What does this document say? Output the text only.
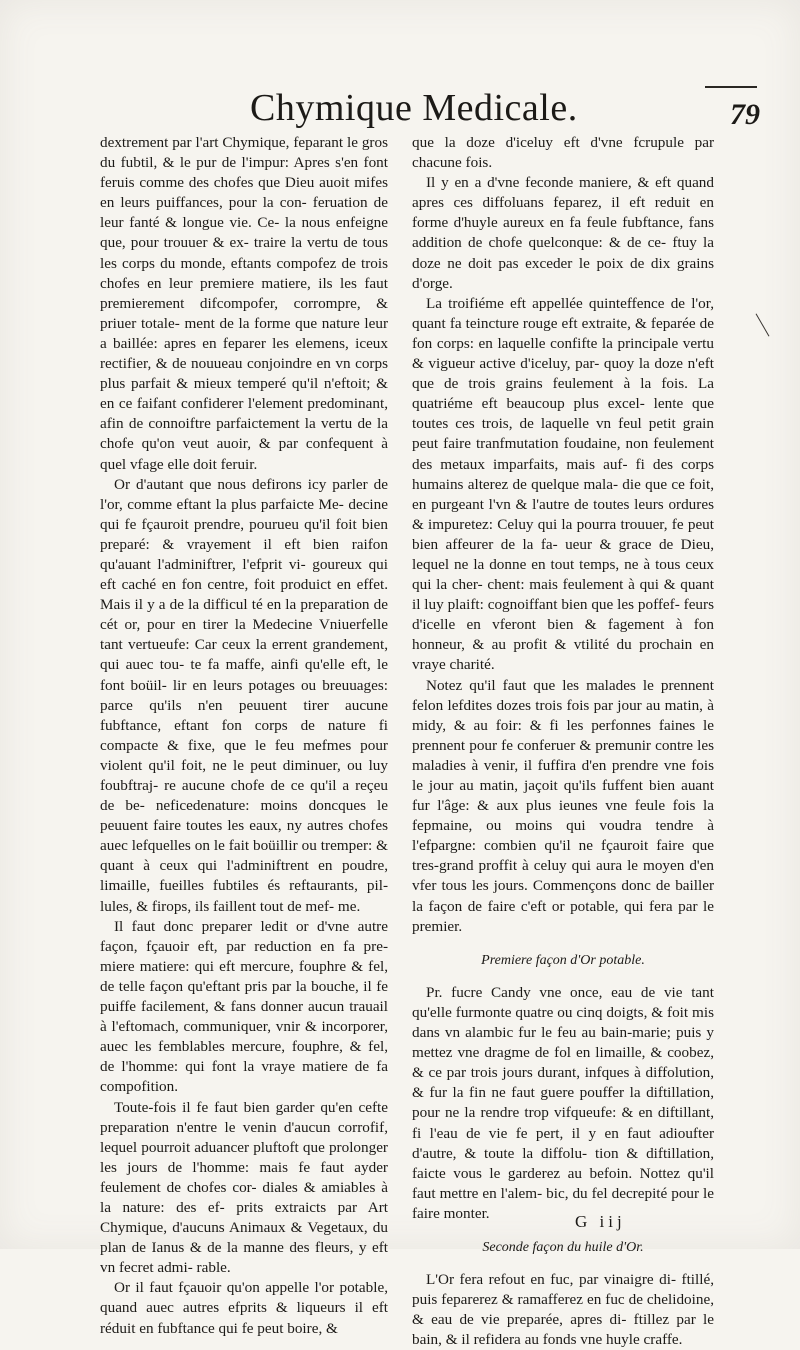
Chymique Medicale.	79

dextrement par l'art Chymique, feparant le gros du fubtil, & le pur de l'impur: Apres s'en font feruis comme des chofes que Dieu auoit mifes en leurs puiffances, pour la con- feruation de leur fanté & longue vie. Ce- la nous enfeigne que, pour trouuer & ex- traire la vertu de tous les corps du monde, eftants compofez de trois chofes en leur premiere matiere, ils les faut premierement difcompofer, corrompre, & priuer totale- ment de la forme que nature leur a baillée: apres en feparer les elemens, iceux rectifier, & de nouueau conjoindre en vn corps plus parfait & mieux temperé qu'il n'eftoit; & en ce faifant confiderer l'element predominant, afin de connoiftre parfaictement la vertu de la chofe qu'on veut auoir, & par confequent à quel vfage elle doit feruir.

Or d'autant que nous defirons icy parler de l'or, comme eftant la plus parfaicte Me- decine qui fe fçauroit prendre, pourueu qu'il foit bien preparé: & vrayement il eft bien raifon qu'auant l'adminiftrer, l'efprit vi- goureux qui eft caché en fon centre, foit produict en effet. Mais il y a de la difficul té en la preparation de cét or, pour en tirer la Medecine Vniuerfelle tant vertueufe: Car ceux la errent grandement, qui auec tou- te fa maffe, ainfi qu'elle eft, le font boüil- lir en leurs potages ou breuuages: parce qu'ils n'en peuuent tirer aucune fubftance, eftant fon corps de nature fi compacte & fixe, que le feu mefmes pour violent qu'il foit, ne le peut diminuer, ou luy foubftraj- re aucune chofe de ce qu'il a reçeu de be- neficedenature: moins doncques le peuuent faire toutes les eaux, ny autres chofes auec lefquelles on le fait boüillir ou tremper: & quant à ceux qui l'adminiftrent en poudre, limaille, fueilles fubtiles és reftaurants, pil- lules, & firops, ils faillent tout de mef- me.

Il faut donc preparer ledit or d'vne autre façon, fçauoir eft, par reduction en fa pre- miere matiere: qui eft mercure, fouphre & fel, de telle façon qu'eftant pris par la bouche, il fe puiffe facilement, & fans donner aucun trauail à l'eftomach, communiquer, vnir & incorporer, auec les femblables mercure, fouphre, & fel, de l'homme: qui font la vraye matiere de fa compofition.

Toute-fois il fe faut bien garder qu'en cefte preparation n'entre le venin d'aucun corrofif, lequel pourroit aduancer pluftoft que prolonger les jours de l'homme: mais fe faut ayder feulement de chofes cor- diales & amiables à la nature: des ef- prits extraicts par Art Chymique, d'aucuns Animaux & Vegetaux, du plan de Ianus & de la manne des fleurs, y eft vn fecret admi- rable.

Or il faut fçauoir qu'on appelle l'or potable, quand auec autres efprits & liqueurs il eft réduit en fubftance qui fe peut boire, &

que la doze d'iceluy eft d'vne fcrupule par chacune fois.

Il y en a d'vne feconde maniere, & eft quand apres ces diffoluans feparez, il eft reduit en forme d'huyle aureux en fa feule fubftance, fans addition de chofe quelconque: & de ce- ftuy la doze ne doit pas exceder le poix de dix grains d'orge.

La troifiéme eft appellée quinteffence de l'or, quant fa teincture rouge eft extraite, & feparée de fon corps: en laquelle confifte la principale vertu & vigueur active d'iceluy, par- quoy la doze n'eft que de trois grains feulement à la fois. La quatriéme eft beaucoup plus excel- lente que toutes ces trois, de laquelle vn feul petit grain peut faire tranfmutation foudaine, non feulement des metaux imparfaits, mais auf- fi des corps humains alterez de quelque mala- die que ce foit, en purgeant l'vn & l'autre de toutes leurs ordures & impuretez: Celuy qui la pourra trouuer, fe peut bien affeurer de la fa- ueur & grace de Dieu, lequel ne la donne en tout temps, ne à tous ceux qui la cher- chent: mais feulement à qui & quant il luy plaift: cognoiffant bien que les poffef- feurs d'icelle en vferont bien & fagement à fon honneur, & au profit & vtilité du prochain en vraye charité.

Notez qu'il faut que les malades le prennent felon lefdites dozes trois fois par jour au matin, à midy, & au foir: & fi les perfonnes faines le prennent pour fe conferuer & premunir contre les maladies à venir, il fuffira d'en prendre vne fois le jour au matin, jaçoit qu'ils fuffent bien auant fur l'âge: & aux plus ieunes vne feule fois la fepmaine, ou moins qui voudra tendre à l'efpargne: combien qu'il ne fçauroit faire que tres-grand proffit à celuy qui aura le moyen d'en vfer tous les jours. Commençons donc de bailler la façon de faire c'eft or potable, qui fera par le premier.

Premiere façon d'Or potable.

Pr. fucre Candy vne once, eau de vie tant qu'elle furmonte quatre ou cinq doigts, & foit mis dans vn alambic fur le feu au bain-marie; puis y mettez vne dragme de fol en limaille, & coobez, & ce par trois jours durant, infques à diffolution, & fur la fin ne faut guere pouffer la diftillation, pour ne la rendre trop vifqueufe: & en diftillant, fi l'eau de vie fe pert, il y en faut adioufter d'autre, & toute la diffolu- tion & diftillation, faicte vous le garderez au befoin. Nottez qu'il faut mettre en l'alem- bic, du fel decrepité pour le faire monter.

Seconde façon du huile d'Or.

L'Or fera refout en fuc, par vinaigre di- ftillé, puis feparerez & ramafferez en fuc de chelidoine, & eau de vie preparée, apres di- ftillez par le bain, & il refidera au fonds vne huyle craffe.

G iij
